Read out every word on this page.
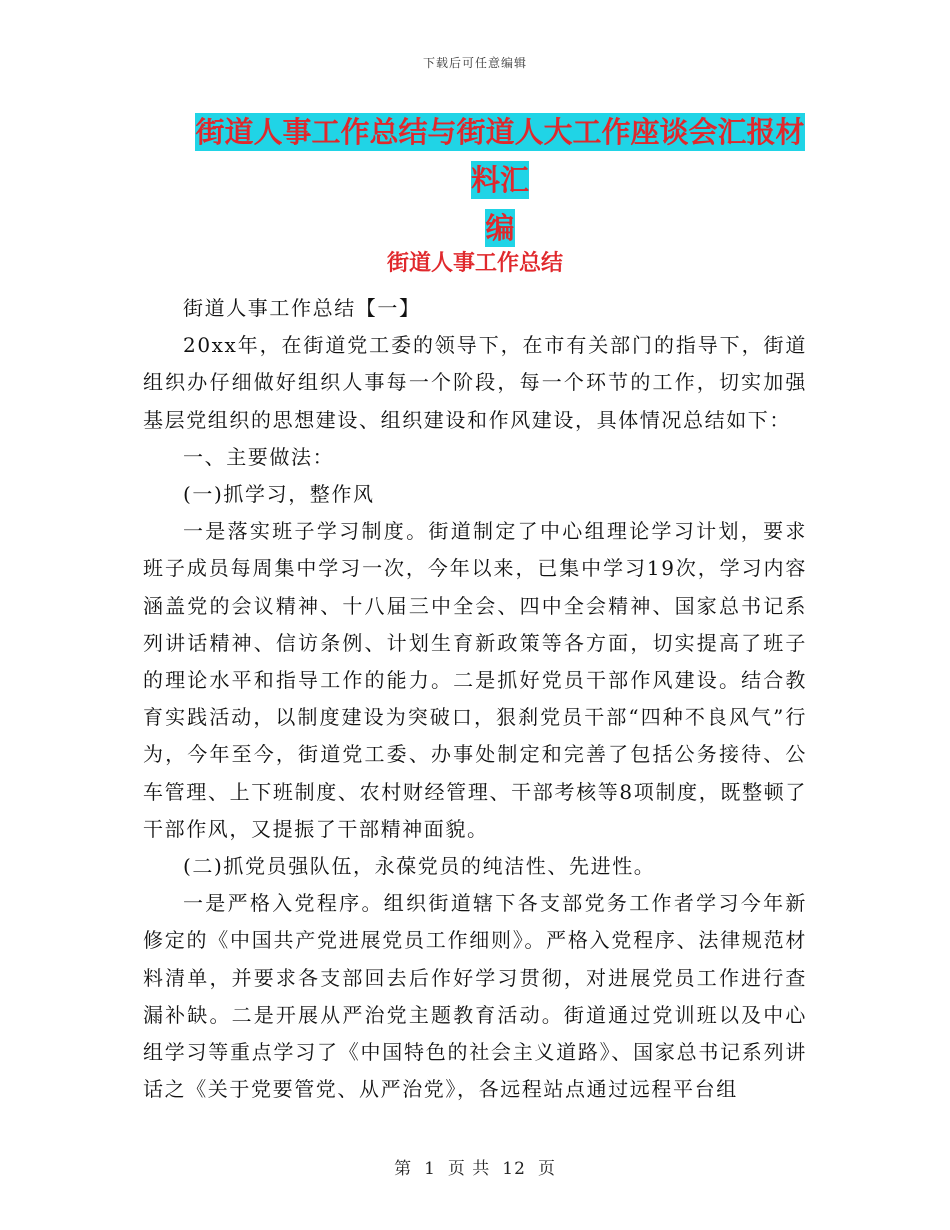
下载后可任意编辑
街道人事工作总结与街道人大工作座谈会汇报材料汇
编
街道人事工作总结

街道人事工作总结【一】

20xx年，在街道党工委的领导下，在市有关部门的指导下，街道组织办仔细做好组织人事每一个阶段，每一个环节的工作，切实加强基层党组织的思想建设、组织建设和作风建设，具体情况总结如下：

一、主要做法：

(一)抓学习，整作风

一是落实班子学习制度。街道制定了中心组理论学习计划，要求班子成员每周集中学习一次，今年以来，已集中学习19次，学习内容涵盖党的会议精神、十八届三中全会、四中全会精神、国家总书记系列讲话精神、信访条例、计划生育新政策等各方面，切实提高了班子的理论水平和指导工作的能力。二是抓好党员干部作风建设。结合教育实践活动，以制度建设为突破口，狠刹党员干部“四种不良风气”行为，今年至今，街道党工委、办事处制定和完善了包括公务接待、公车管理、上下班制度、农村财经管理、干部考核等8项制度，既整顿了干部作风，又提振了干部精神面貌。

(二)抓党员强队伍，永葆党员的纯洁性、先进性。

一是严格入党程序。组织街道辖下各支部党务工作者学习今年新修定的《中国共产党进展党员工作细则》。严格入党程序、法律规范材料清单，并要求各支部回去后作好学习贯彻，对进展党员工作进行查漏补缺。二是开展从严治党主题教育活动。街道通过党训班以及中心组学习等重点学习了《中国特色的社会主义道路》、国家总书记系列讲话之《关于党要管党、从严治党》，各远程站点通过远程平台组

第 1 页 共 12 页
